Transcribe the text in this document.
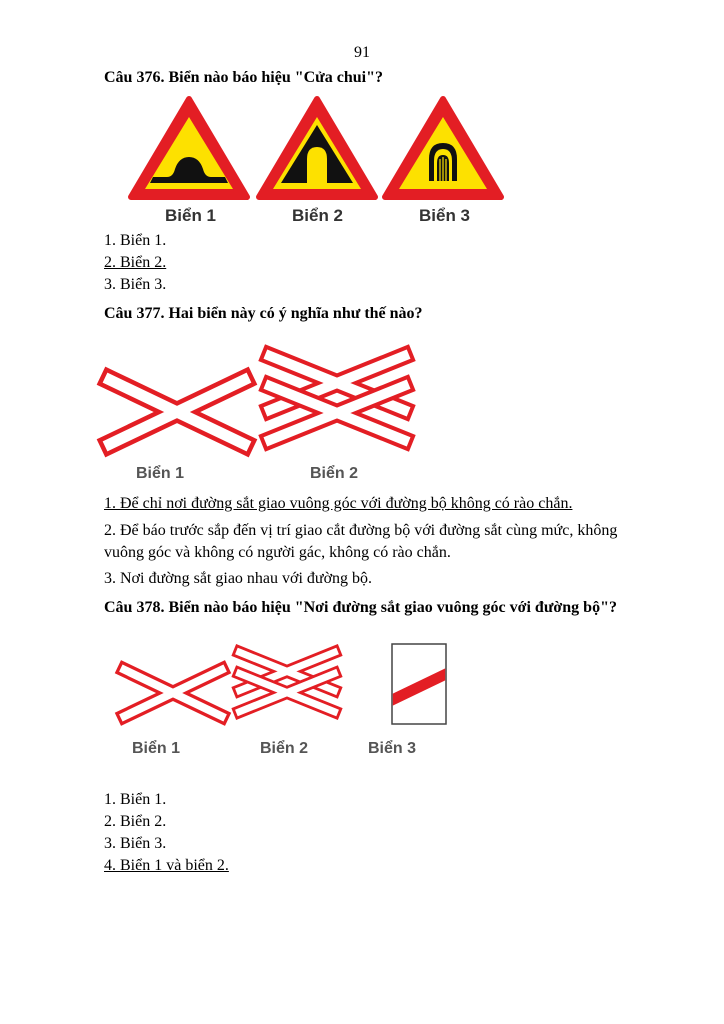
91
Câu 376. Biển nào báo hiệu "Cửa chui"?
Biển 1	Biển 2	Biển 3
1. Biển 1.
2. Biển 2.
3. Biển 3.
Câu 377. Hai biển này có ý nghĩa như thế nào?
Biển 1	Biển 2
1. Để chỉ nơi đường sắt giao vuông góc với đường bộ không có rào chắn.
2. Để báo trước sắp đến vị trí giao cắt đường bộ với đường sắt cùng mức, không
vuông góc và không có người gác, không có rào chắn.
3. Nơi đường sắt giao nhau với đường bộ.
Câu 378. Biển nào báo hiệu "Nơi đường sắt giao vuông góc với đường bộ"?
Biển 1	Biển 2	Biển 3
1. Biển 1.
2. Biển 2.
3. Biển 3.
4. Biển 1 và biển 2.
